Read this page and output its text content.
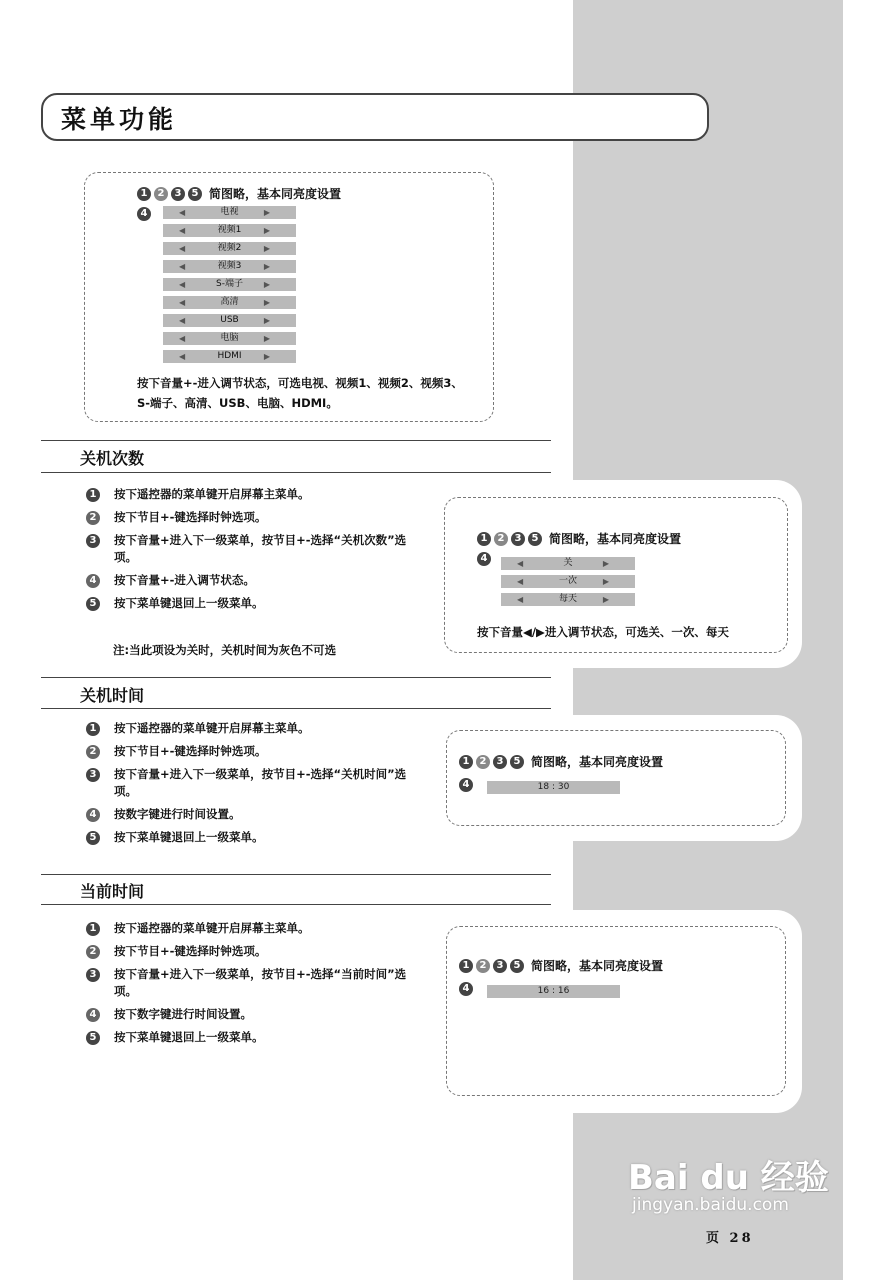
菜单功能
1	2	3	5 简图略，基本同亮度设置
4	◀	电视	▶
◀	视频1	▶
◀	视频2	▶
◀	视频3	▶
◀	S-端子	▶
◀	高清	▶
◀	USB	▶
◀	电脑	▶
◀	HDMI	▶
按下音量+-进入调节状态，可选电视、视频1、视频2、视频3、
S-端子、高清、USB、电脑、HDMI。
关机次数
1	按下遥控器的菜单键开启屏幕主菜单。
2	按下节目+-键选择时钟选项。
3	按下音量+进入下一级菜单，按节目+-选择“关机次数”选项。
4	按下音量+-进入调节状态。
5	按下菜单键退回上一级菜单。
注:当此项设为关时，关机时间为灰色不可选
1	2	3	5 简图略，基本同亮度设置
4	◀	关	▶
◀	一次	▶
◀	每天	▶
按下音量◀/▶进入调节状态，可选关、一次、每天
关机时间
1	按下遥控器的菜单键开启屏幕主菜单。
2	按下节目+-键选择时钟选项。
3	按下音量+进入下一级菜单，按节目+-选择“关机时间”选项。
4	按数字键进行时间设置。
5	按下菜单键退回上一级菜单。
1	2	3	5 简图略，基本同亮度设置
4	18 : 30
当前时间
1	按下遥控器的菜单键开启屏幕主菜单。
2	按下节目+-键选择时钟选项。
3	按下音量+进入下一级菜单，按节目+-选择“当前时间”选项。
4	按下数字键进行时间设置。
5	按下菜单键退回上一级菜单。
1	2	3	5 简图略，基本同亮度设置
4	16 : 16
Bai du 经验
jingyan.baidu.com
页 28
